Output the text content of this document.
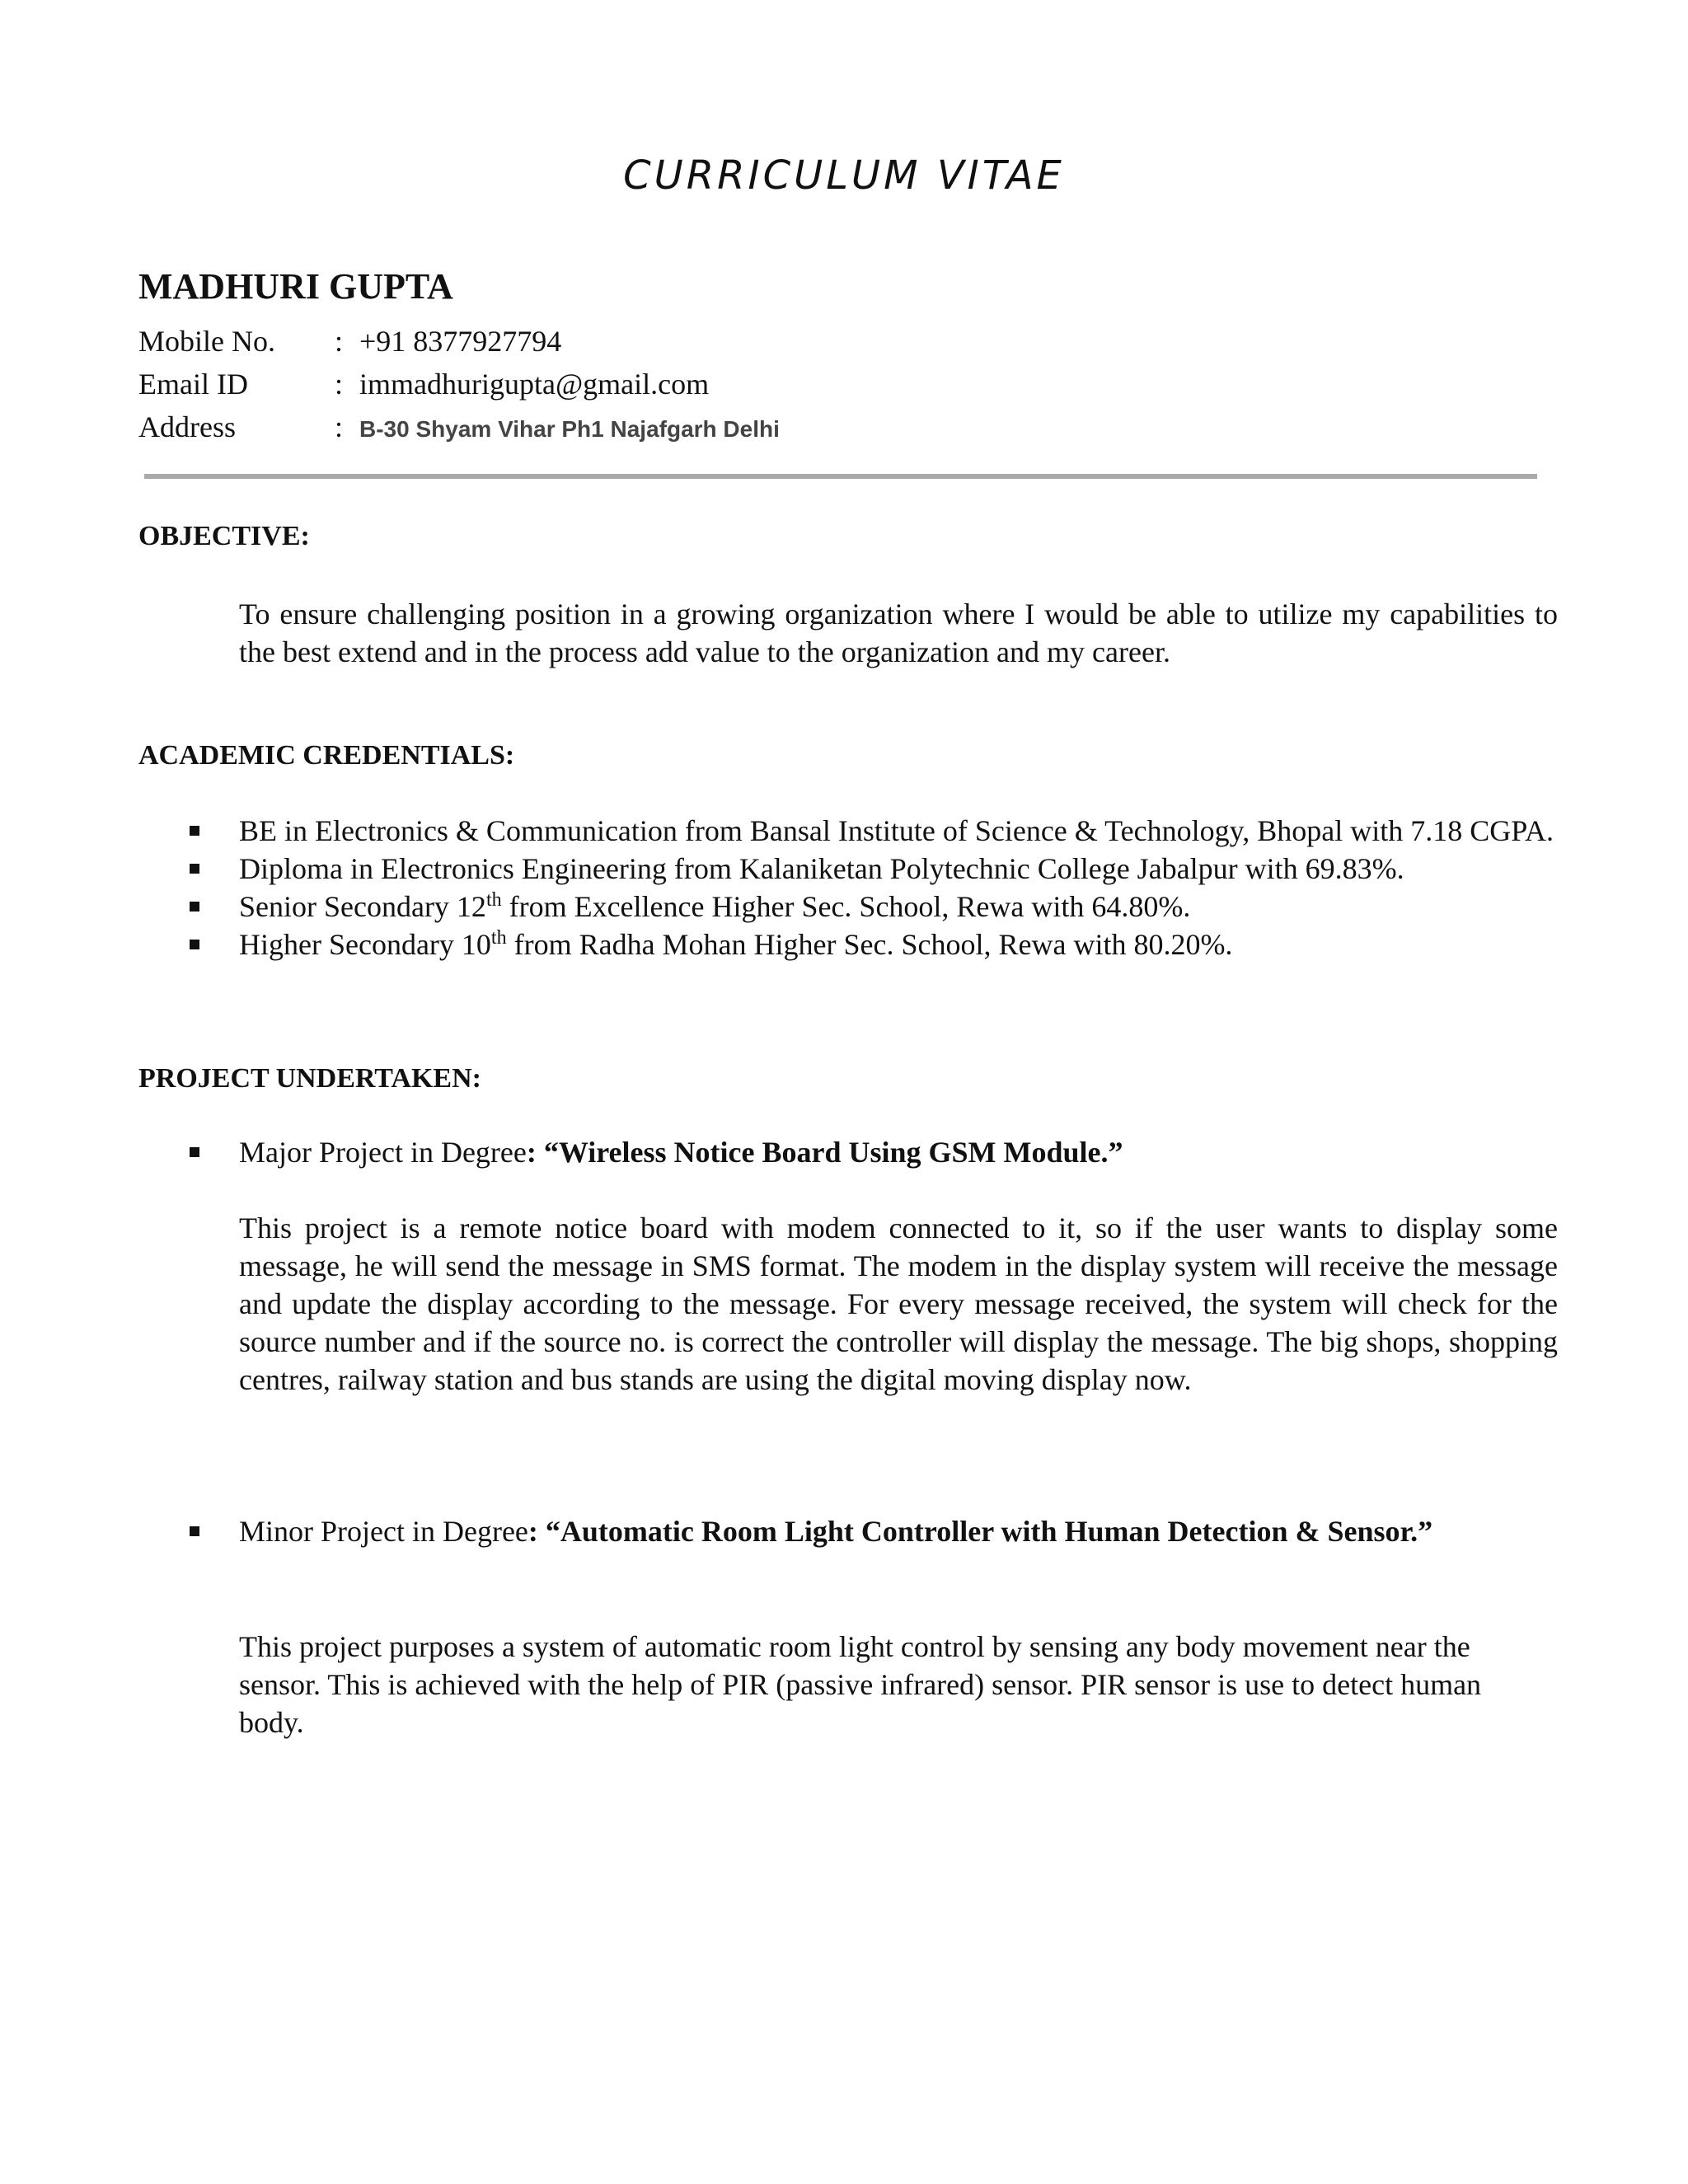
CURRICULUM VITAE
MADHURI GUPTA
Mobile No.	: +91 8377927794
Email ID	: immadhurigupta@gmail.com
Address	: B-30 Shyam Vihar Ph1 Najafgarh Delhi
OBJECTIVE:
To ensure challenging position in a growing organization where I would be able to utilize my capabilities to the best extend and in the process add value to the organization and my career.
ACADEMIC CREDENTIALS:
BE in Electronics & Communication from Bansal Institute of Science & Technology, Bhopal with 7.18 CGPA.
Diploma in Electronics Engineering from Kalaniketan Polytechnic College Jabalpur with 69.83%.
Senior Secondary 12th from Excellence Higher Sec. School, Rewa with 64.80%.
Higher Secondary 10th from Radha Mohan Higher Sec. School, Rewa with 80.20%.
PROJECT UNDERTAKEN:
Major Project in Degree: “Wireless Notice Board Using GSM Module.”
This project is a remote notice board with modem connected to it, so if the user wants to display some message, he will send the message in SMS format. The modem in the display system will receive the message and update the display according to the message. For every message received, the system will check for the source number and if the source no. is correct the controller will display the message. The big shops, shopping centres, railway station and bus stands are using the digital moving display now.
Minor Project in Degree: “Automatic Room Light Controller with Human Detection & Sensor.”
This project purposes a system of automatic room light control by sensing any body movement near the sensor. This is achieved with the help of PIR (passive infrared) sensor. PIR sensor is use to detect human body.
